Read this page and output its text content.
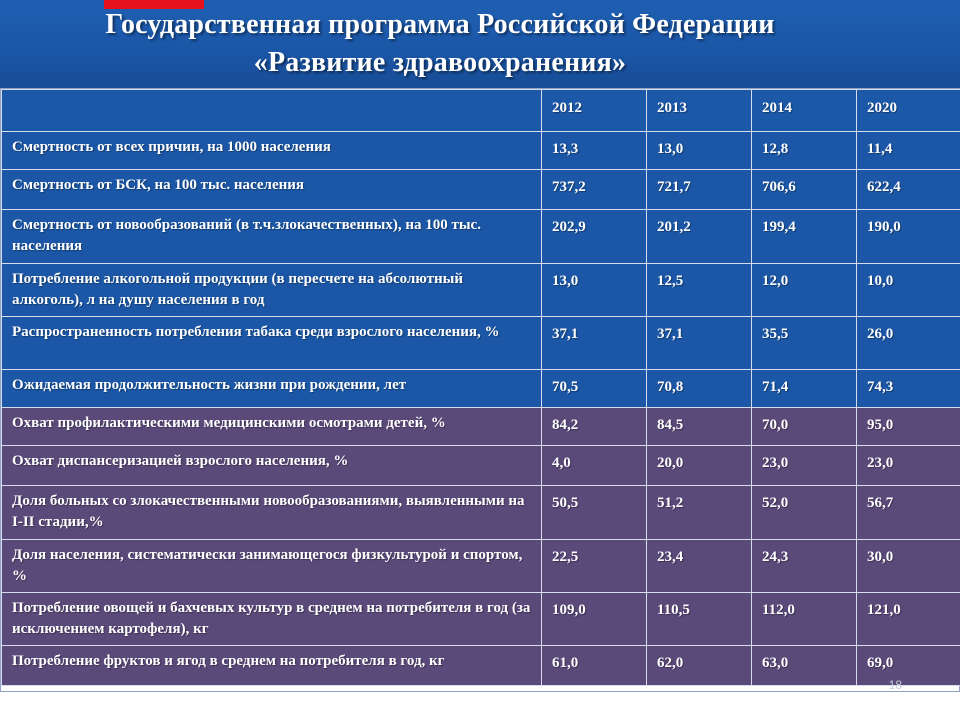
Государственная программа Российской Федерации
«Развитие здравоохранения»
	2012	2013	2014	2020
Смертность от всех причин, на 1000 населения	13,3	13,0	12,8	11,4
Смертность от БСК, на 100 тыс. населения	737,2	721,7	706,6	622,4
Смертность от новообразований (в т.ч.злокачественных), на 100 тыс. населения	202,9	201,2	199,4	190,0
Потребление алкогольной продукции (в пересчете на абсолютный алкоголь), л на душу населения в год	13,0	12,5	12,0	10,0
Распространенность потребления табака среди взрослого населения, %	37,1	37,1	35,5	26,0
Ожидаемая продолжительность жизни при рождении, лет	70,5	70,8	71,4	74,3
Охват профилактическими медицинскими осмотрами детей, %	84,2	84,5	70,0	95,0
Охват диспансеризацией взрослого населения, %	4,0	20,0	23,0	23,0
Доля больных со злокачественными новообразованиями, выявленными на I-II стадии,%	50,5	51,2	52,0	56,7
Доля населения, систематически занимающегося физкультурой и спортом, %	22,5	23,4	24,3	30,0
Потребление овощей и бахчевых культур в среднем на потребителя в год (за исключением картофеля), кг	109,0	110,5	112,0	121,0
Потребление фруктов и ягод в среднем на потребителя в год, кг	61,0	62,0	63,0	69,0
18
